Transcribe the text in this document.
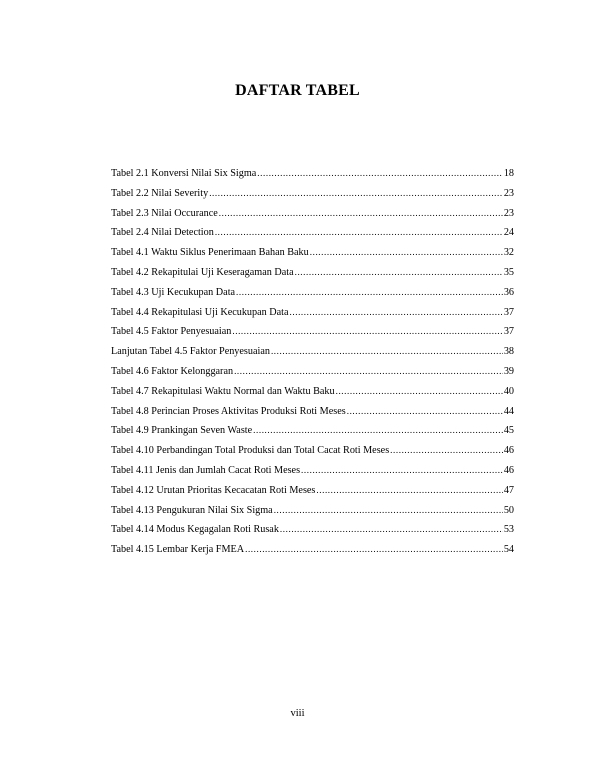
DAFTAR TABEL
Tabel 2.1 Konversi Nilai Six Sigma .....	18
Tabel 2.2 Nilai Severity .....	23
Tabel 2.3 Nilai Occurance .....	23
Tabel 2.4 Nilai Detection .....	24
Tabel 4.1 Waktu Siklus Penerimaan Bahan Baku .....	32
Tabel 4.2 Rekapitulai Uji Keseragaman Data .....	35
Tabel 4.3 Uji Kecukupan Data .....	36
Tabel 4.4 Rekapitulasi Uji Kecukupan Data .....	37
Tabel 4.5 Faktor Penyesuaian .....	37
Lanjutan Tabel 4.5 Faktor Penyesuaian .....	38
Tabel 4.6 Faktor Kelonggaran .....	39
Tabel 4.7 Rekapitulasi Waktu Normal dan Waktu Baku .....	40
Tabel 4.8 Perincian Proses Aktivitas Produksi Roti Meses .....	44
Tabel 4.9 Prankingan Seven Waste .....	45
Tabel 4.10 Perbandingan Total Produksi dan Total Cacat Roti Meses .....	46
Tabel 4.11 Jenis dan Jumlah Cacat Roti Meses .....	46
Tabel 4.12 Urutan Prioritas Kecacatan Roti Meses .....	47
Tabel 4.13 Pengukuran Nilai Six Sigma .....	50
Tabel 4.14 Modus Kegagalan Roti Rusak .....	53
Tabel 4.15 Lembar Kerja FMEA .....	54
viii
